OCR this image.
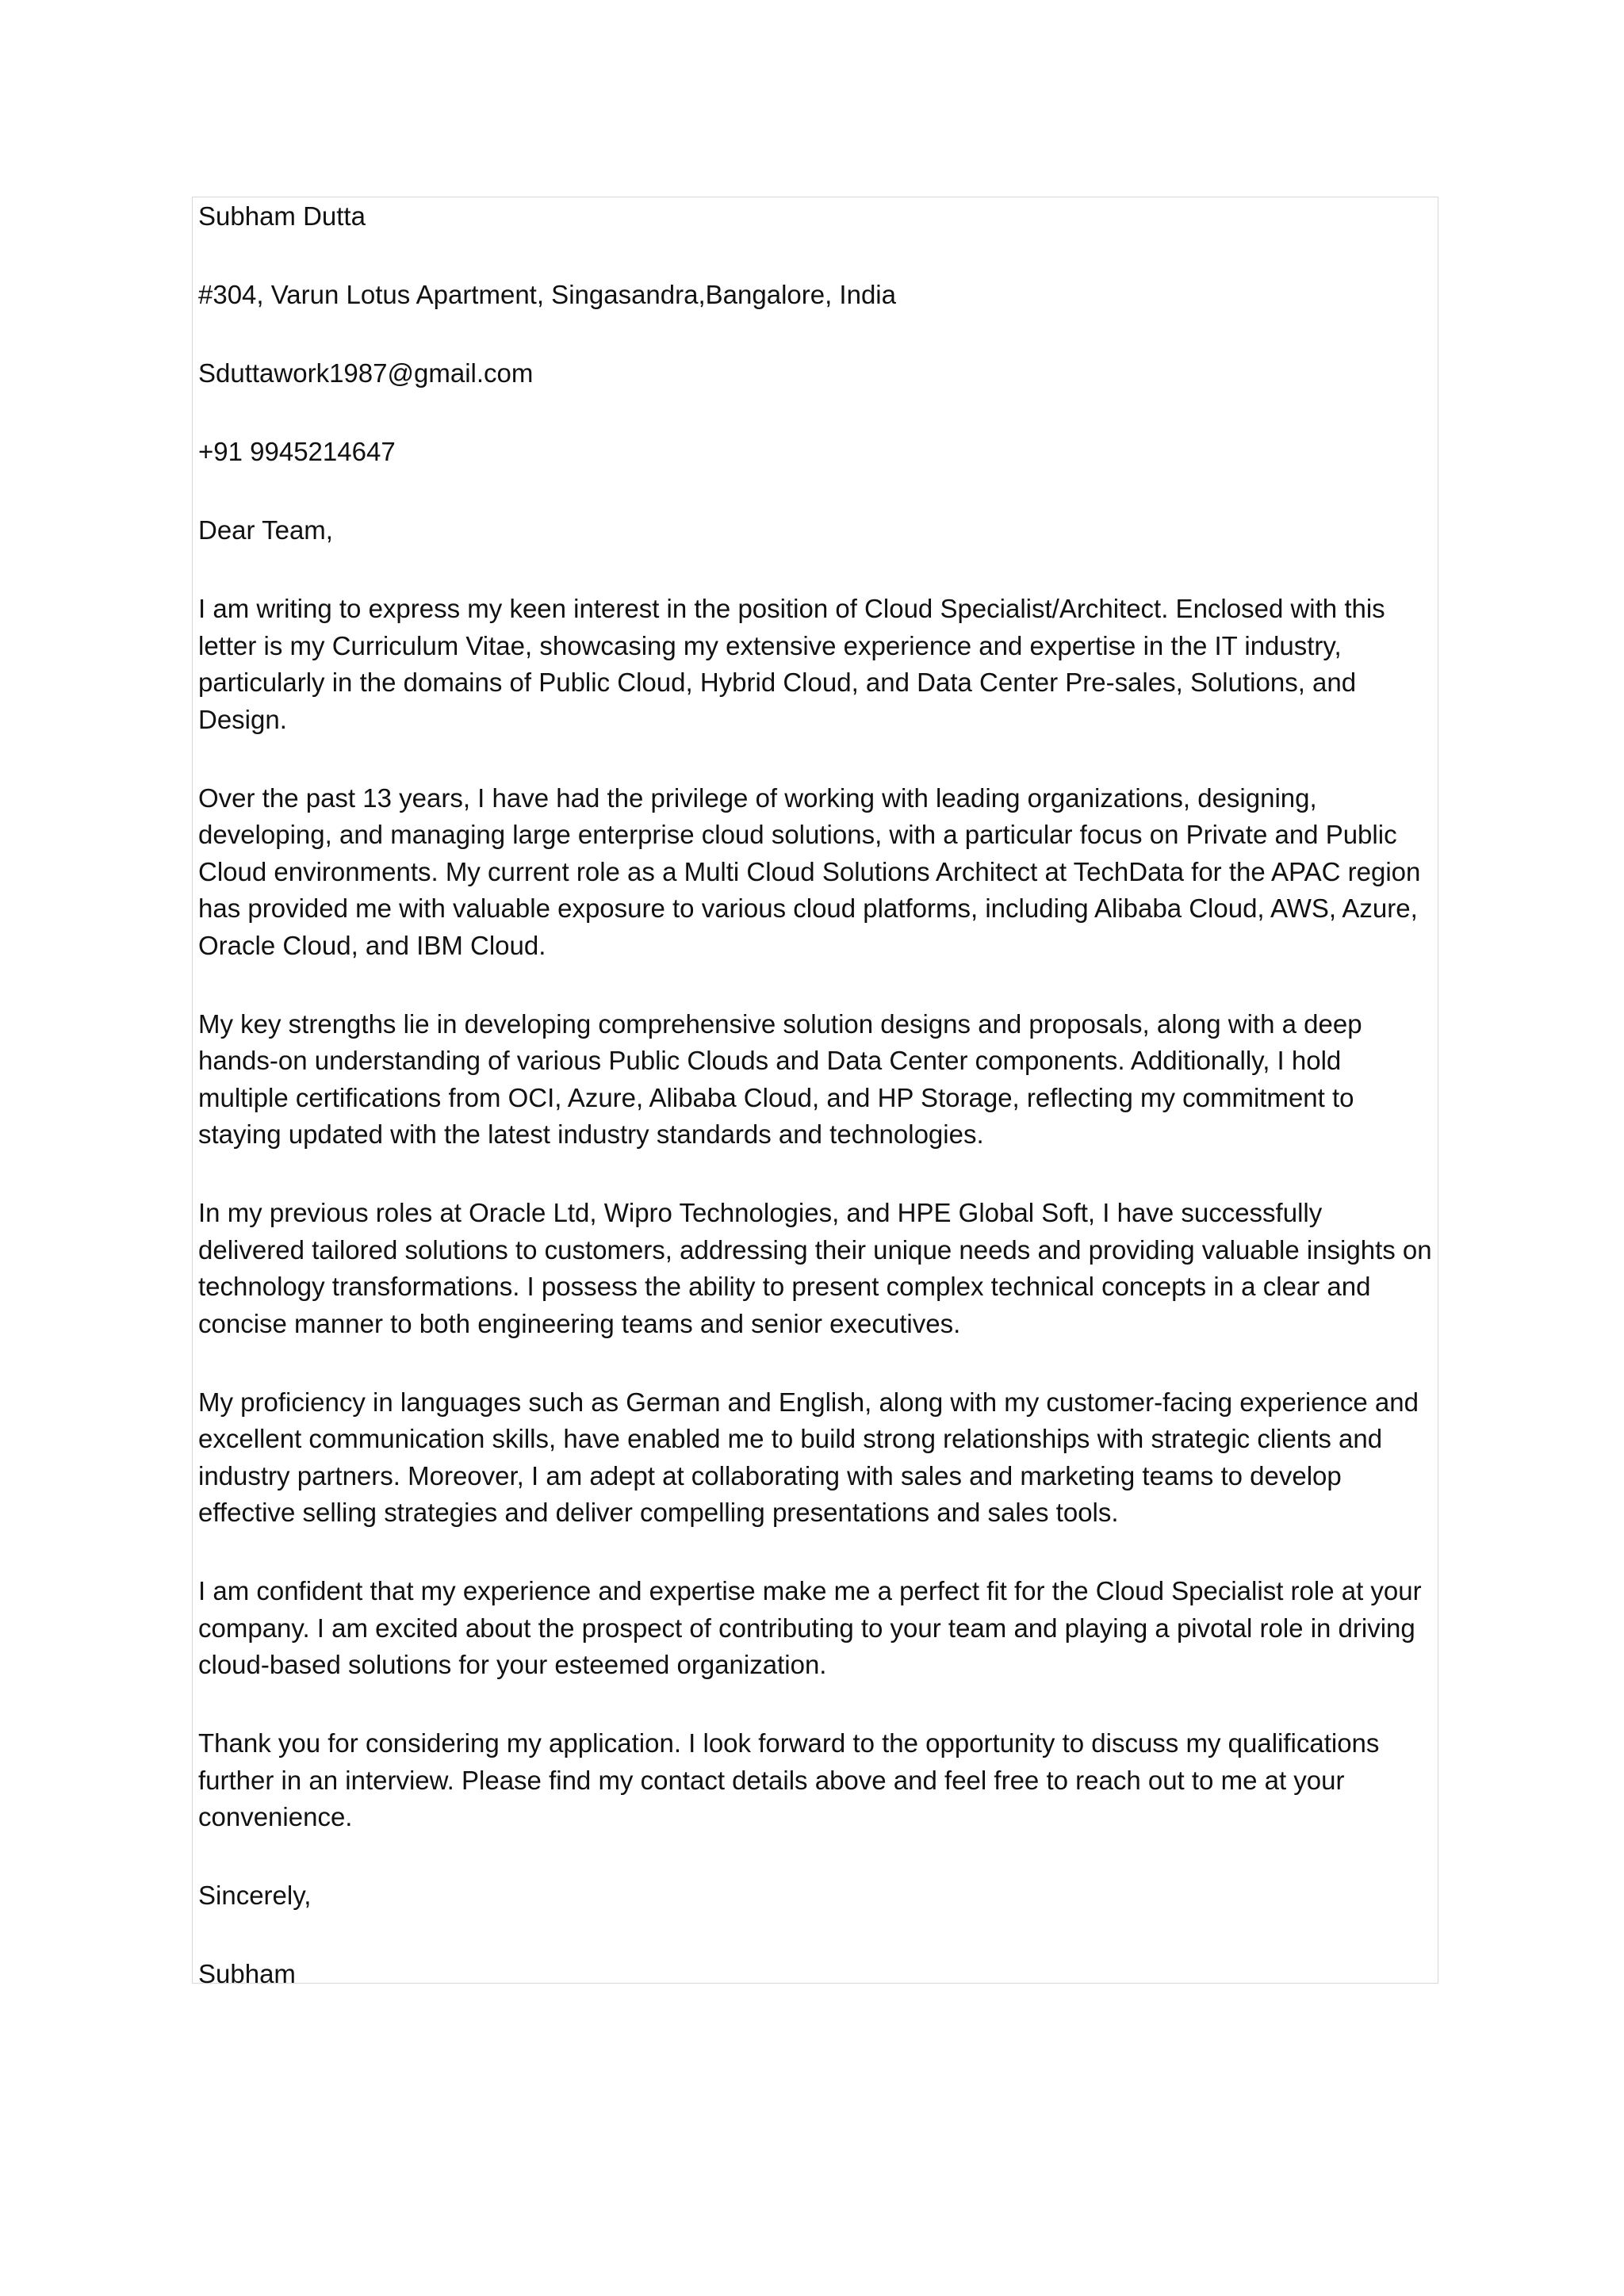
Subham Dutta

#304, Varun Lotus Apartment, Singasandra,Bangalore, India

Sduttawork1987@gmail.com

+91 9945214647

Dear Team,

I am writing to express my keen interest in the position of Cloud Specialist/Architect. Enclosed with this letter is my Curriculum Vitae, showcasing my extensive experience and expertise in the IT industry, particularly in the domains of Public Cloud, Hybrid Cloud, and Data Center Pre-sales, Solutions, and Design.

Over the past 13 years, I have had the privilege of working with leading organizations, designing, developing, and managing large enterprise cloud solutions, with a particular focus on Private and Public Cloud environments. My current role as a Multi Cloud Solutions Architect at TechData for the APAC region has provided me with valuable exposure to various cloud platforms, including Alibaba Cloud, AWS, Azure, Oracle Cloud, and IBM Cloud.

My key strengths lie in developing comprehensive solution designs and proposals, along with a deep hands-on understanding of various Public Clouds and Data Center components. Additionally, I hold multiple certifications from OCI, Azure, Alibaba Cloud, and HP Storage, reflecting my commitment to staying updated with the latest industry standards and technologies.

In my previous roles at Oracle Ltd, Wipro Technologies, and HPE Global Soft, I have successfully delivered tailored solutions to customers, addressing their unique needs and providing valuable insights on technology transformations. I possess the ability to present complex technical concepts in a clear and concise manner to both engineering teams and senior executives.

My proficiency in languages such as German and English, along with my customer-facing experience and excellent communication skills, have enabled me to build strong relationships with strategic clients and industry partners. Moreover, I am adept at collaborating with sales and marketing teams to develop effective selling strategies and deliver compelling presentations and sales tools.

I am confident that my experience and expertise make me a perfect fit for the Cloud Specialist role at your company. I am excited about the prospect of contributing to your team and playing a pivotal role in driving cloud-based solutions for your esteemed organization.

Thank you for considering my application. I look forward to the opportunity to discuss my qualifications further in an interview. Please find my contact details above and feel free to reach out to me at your convenience.

Sincerely,

Subham
